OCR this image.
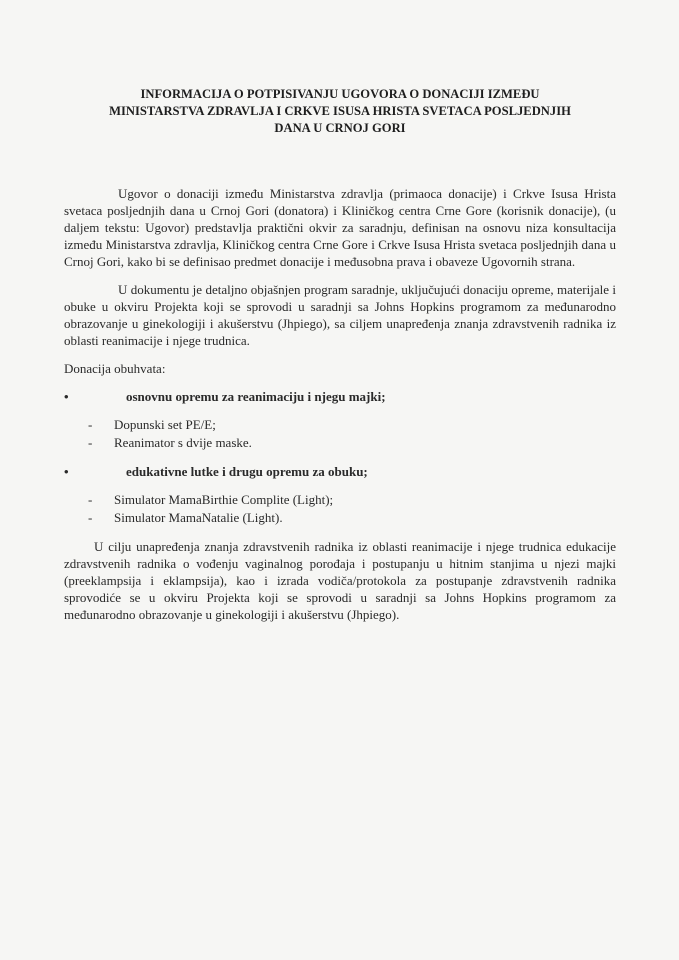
INFORMACIJA O POTPISIVANJU UGOVORA O DONACIJI IZMEĐU

MINISTARSTVA ZDRAVLJA I CRKVE ISUSA HRISTA SVETACA POSLJEDNJIH

DANA U CRNOJ GORI

Ugovor o donaciji između Ministarstva zdravlja (primaoca donacije) i Crkve Isusa Hrista svetaca posljednjih dana u Crnoj Gori (donatora) i Kliničkog centra Crne Gore (korisnik donacije), (u daljem tekstu: Ugovor) predstavlja praktični okvir za saradnju, definisan na osnovu niza konsultacija između Ministarstva zdravlja, Kliničkog centra Crne Gore i Crkve Isusa Hrista svetaca posljednjih dana u Crnoj Gori, kako bi se definisao predmet donacije i međusobna prava i obaveze Ugovornih strana.

U dokumentu je detaljno objašnjen program saradnje, uključujući donaciju opreme, materijale i obuke u okviru Projekta koji se sprovodi u saradnji sa Johns Hopkins programom za međunarodno obrazovanje u ginekologiji i akušerstvu (Jhpiego), sa ciljem unapređenja znanja zdravstvenih radnika iz oblasti reanimacije i njege trudnica.

Donacija obuhvata:

•	osnovnu opremu za reanimaciju i njegu majki;
-	Dopunski set PE/E;
-	Reanimator s dvije maske.
•	edukativne lutke i drugu opremu za obuku;
-	Simulator MamaBirthie Complite (Light);
-	Simulator MamaNatalie (Light).

U cilju unapređenja znanja zdravstvenih radnika iz oblasti reanimacije i njege trudnica edukacije zdravstvenih radnika o vođenju vaginalnog porođaja i postupanju u hitnim stanjima u njezi majki (preeklampsija i eklampsija), kao i izrada vodiča/protokola za postupanje zdravstvenih radnika sprovodiće se u okviru Projekta koji se sprovodi u saradnji sa Johns Hopkins programom za međunarodno obrazovanje u ginekologiji i akušerstvu (Jhpiego).
